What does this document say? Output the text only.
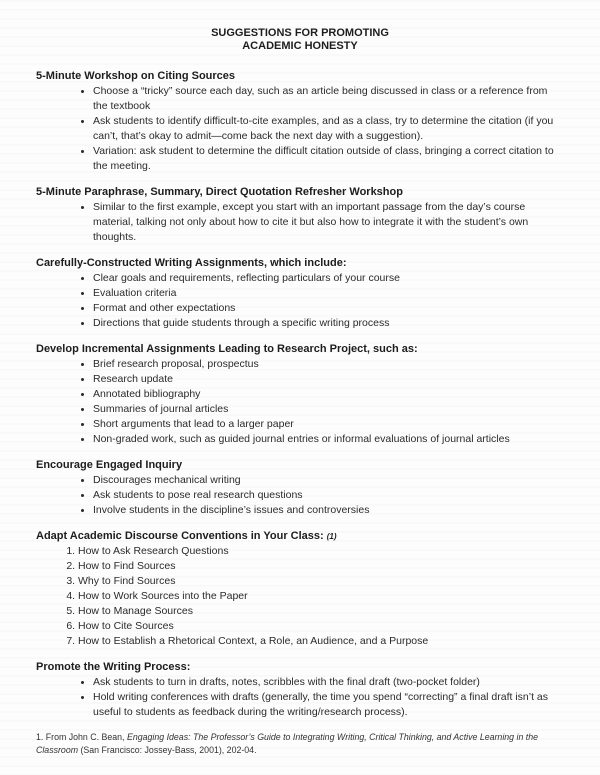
SUGGESTIONS FOR PROMOTING
ACADEMIC HONESTY
5-Minute Workshop on Citing Sources
• Choose a “tricky” source each day, such as an article being discussed in class or a reference from the textbook
• Ask students to identify difficult-to-cite examples, and as a class, try to determine the citation (if you can’t, that’s okay to admit—come back the next day with a suggestion).
• Variation: ask student to determine the difficult citation outside of class, bringing a correct citation to the meeting.
5-Minute Paraphrase, Summary, Direct Quotation Refresher Workshop
• Similar to the first example, except you start with an important passage from the day’s course material, talking not only about how to cite it but also how to integrate it with the student’s own thoughts.
Carefully-Constructed Writing Assignments, which include:
• Clear goals and requirements, reflecting particulars of your course
• Evaluation criteria
• Format and other expectations
• Directions that guide students through a specific writing process
Develop Incremental Assignments Leading to Research Project, such as:
• Brief research proposal, prospectus
• Research update
• Annotated bibliography
• Summaries of journal articles
• Short arguments that lead to a larger paper
• Non-graded work, such as guided journal entries or informal evaluations of journal articles
Encourage Engaged Inquiry
• Discourages mechanical writing
• Ask students to pose real research questions
• Involve students in the discipline’s issues and controversies
Adapt Academic Discourse Conventions in Your Class: (1)
1. How to Ask Research Questions
2. How to Find Sources
3. Why to Find Sources
4. How to Work Sources into the Paper
5. How to Manage Sources
6. How to Cite Sources
7. How to Establish a Rhetorical Context, a Role, an Audience, and a Purpose
Promote the Writing Process:
• Ask students to turn in drafts, notes, scribbles with the final draft (two-pocket folder)
• Hold writing conferences with drafts (generally, the time you spend “correcting” a final draft isn’t as useful to students as feedback during the writing/research process).
1. From John C. Bean, Engaging Ideas: The Professor’s Guide to Integrating Writing, Critical Thinking, and Active Learning in the Classroom (San Francisco: Jossey-Bass, 2001), 202-04.
